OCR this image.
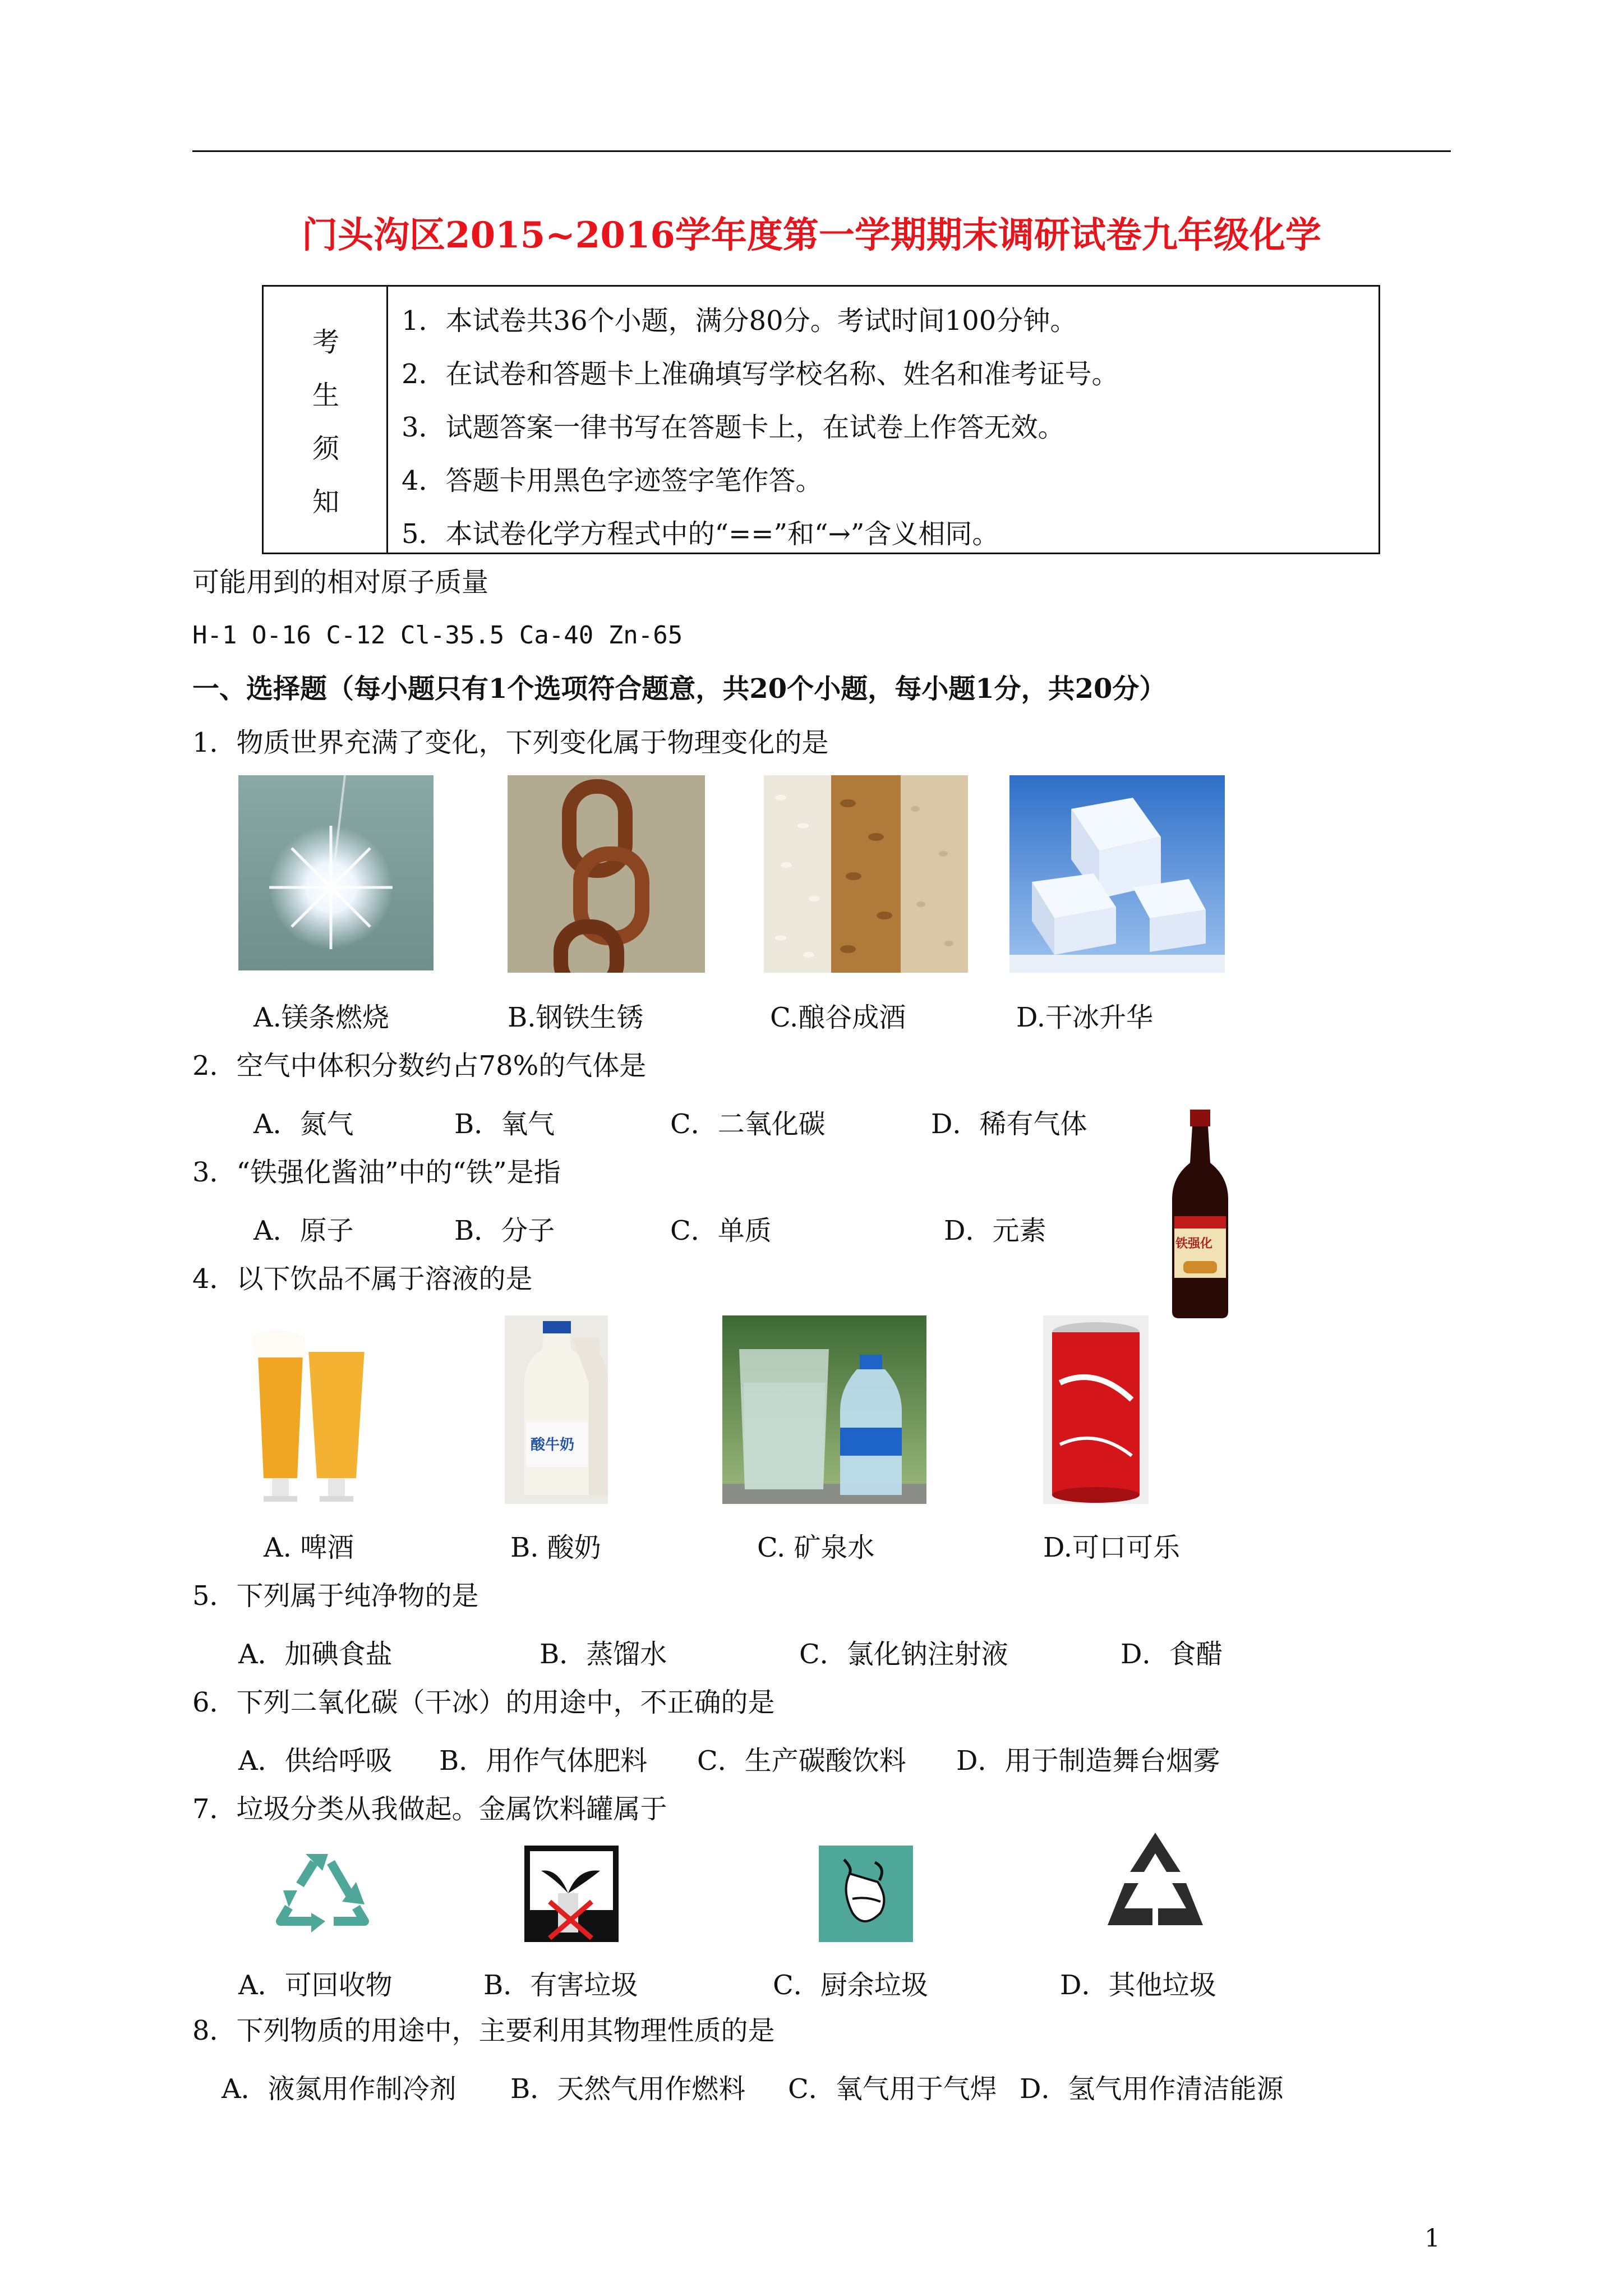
门头沟区2015~2016学年度第一学期期末调研试卷九年级化学
考
生
须
知
1．本试卷共36个小题，满分80分。考试时间100分钟。
2．在试卷和答题卡上准确填写学校名称、姓名和准考证号。
3．试题答案一律书写在答题卡上，在试卷上作答无效。
4．答题卡用黑色字迹签字笔作答。
5．本试卷化学方程式中的“==”和“→”含义相同。
可能用到的相对原子质量
H-1 O-16 C-12 Cl-35.5 Ca-40 Zn-65
一、选择题（每小题只有1个选项符合题意，共20个小题，每小题1分，共20分）
1．物质世界充满了变化，下列变化属于物理变化的是
A.镁条燃烧	B.钢铁生锈	C.酿谷成酒	D.干冰升华
2．空气中体积分数约占78%的气体是
A．氮气	B．氧气	C．二氧化碳	D．稀有气体
铁强化
3．“铁强化酱油”中的“铁”是指
A．原子	B．分子	C．单质	D．元素
4．以下饮品不属于溶液的是
酸牛奶
A. 啤酒	B. 酸奶	C. 矿泉水	D.可口可乐
5．下列属于纯净物的是
A．加碘食盐	B．蒸馏水	C．氯化钠注射液	D．食醋
6．下列二氧化碳（干冰）的用途中，不正确的是
A．供给呼吸 B．用作气体肥料 C．生产碳酸饮料 D．用于制造舞台烟雾
7．垃圾分类从我做起。金属饮料罐属于
A．可回收物	B．有害垃圾	C．厨余垃圾	D．其他垃圾
8．下列物质的用途中，主要利用其物理性质的是
A．液氮用作制冷剂 B．天然气用作燃料 C．氧气用于气焊 D．氢气用作清洁能源
1
